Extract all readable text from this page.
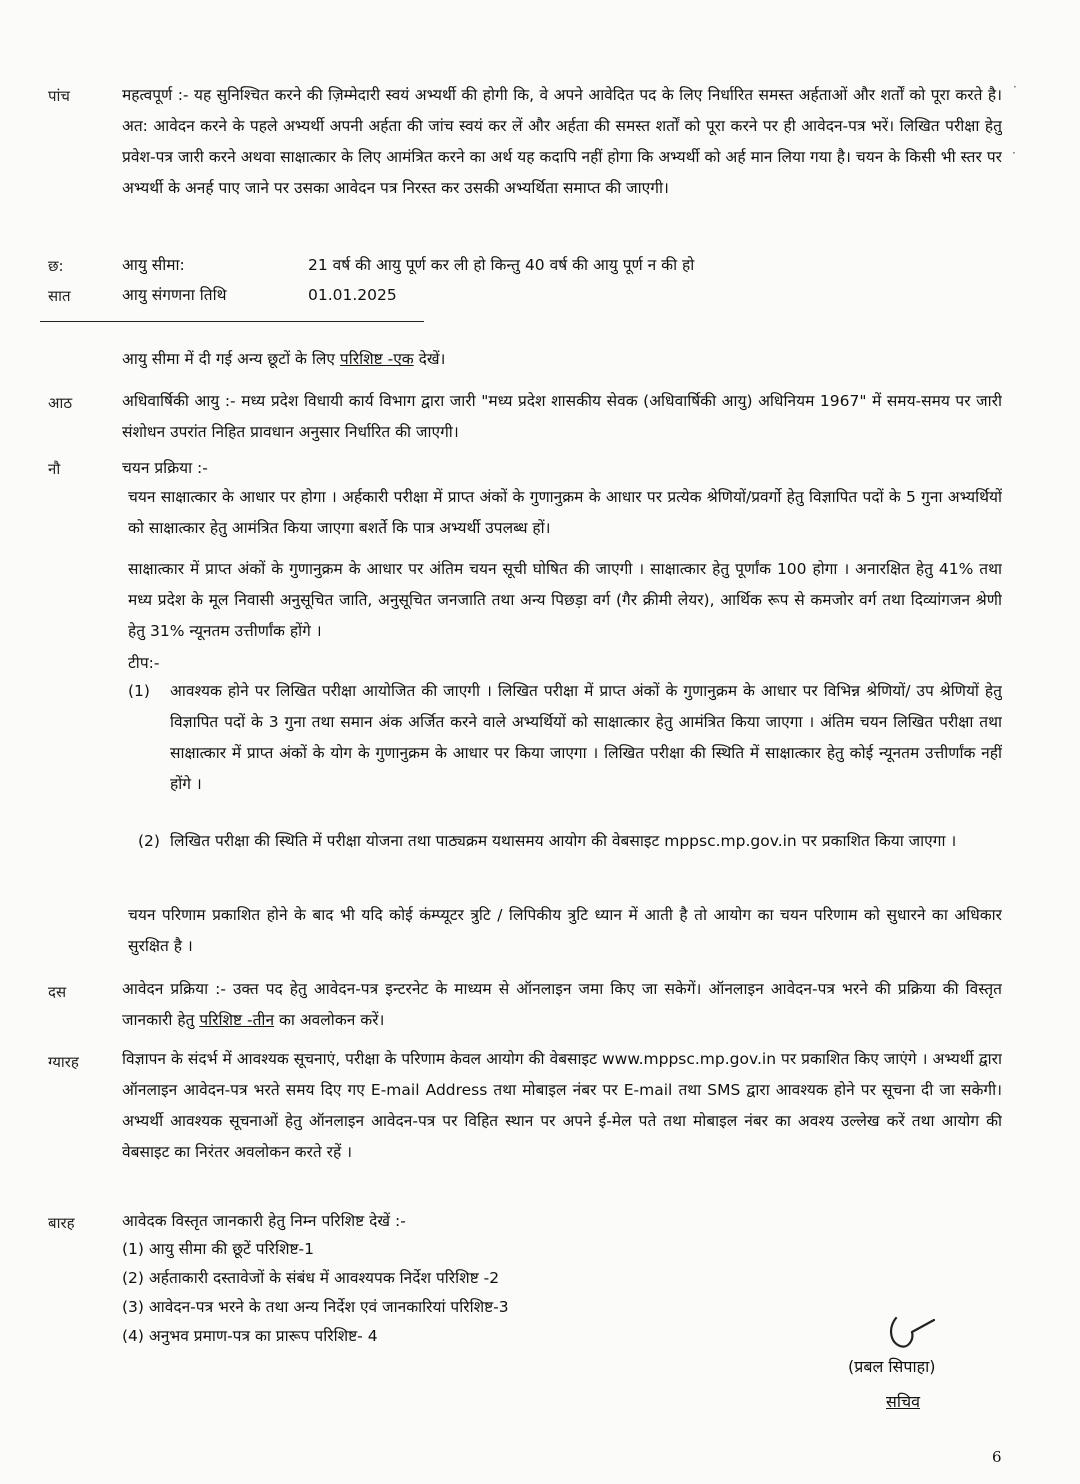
पांच	महत्वपूर्ण :- यह सुनिश्चित करने की ज़िम्मेदारी स्वयं अभ्यर्थी की होगी कि, वे अपने आवेदित पद के लिए निर्धारित समस्त अर्हताओं और शर्तों को पूरा करते है। अत: आवेदन करने के पहले अभ्यर्थी अपनी अर्हता की जांच स्वयं कर लें और अर्हता की समस्त शर्तों को पूरा करने पर ही आवेदन-पत्र भरें। लिखित परीक्षा हेतु प्रवेश-पत्र जारी करने अथवा साक्षात्कार के लिए आमंत्रित करने का अर्थ यह कदापि नहीं होगा कि अभ्यर्थी को अर्ह मान लिया गया है। चयन के किसी भी स्तर पर अभ्यर्थी के अनर्ह पाए जाने पर उसका आवेदन पत्र निरस्त कर उसकी अभ्यर्थिता समाप्त की जाएगी।
छ:	आयु सीमा:	21 वर्ष की आयु पूर्ण कर ली हो किन्तु 40 वर्ष की आयु पूर्ण न की हो
सात	आयु संगणना तिथि	01.01.2025
आयु सीमा में दी गई अन्य छूटों के लिए परिशिष्ट -एक देखें।
आठ	अधिवार्षिकी आयु :- मध्य प्रदेश विधायी कार्य विभाग द्वारा जारी "मध्य प्रदेश शासकीय सेवक (अधिवार्षिकी आयु) अधिनियम 1967" में समय-समय पर जारी संशोधन उपरांत निहित प्रावधान अनुसार निर्धारित की जाएगी।
नौ	चयन प्रक्रिया :-
चयन साक्षात्कार के आधार पर होगा । अर्हकारी परीक्षा में प्राप्त अंकों के गुणानुक्रम के आधार पर प्रत्येक श्रेणियों/प्रवर्गो हेतु विज्ञापित पदों के 5 गुना अभ्यर्थियों को साक्षात्कार हेतु आमंत्रित किया जाएगा बशर्ते कि पात्र अभ्यर्थी उपलब्ध हों।
साक्षात्कार में प्राप्त अंकों के गुणानुक्रम के आधार पर अंतिम चयन सूची घोषित की जाएगी । साक्षात्कार हेतु पूर्णांक 100 होगा । अनारक्षित हेतु 41% तथा मध्य प्रदेश के मूल निवासी अनुसूचित जाति, अनुसूचित जनजाति तथा अन्य पिछड़ा वर्ग (गैर क्रीमी लेयर), आर्थिक रूप से कमजोर वर्ग तथा दिव्यांगजन श्रेणी हेतु 31% न्यूनतम उत्तीर्णांक होंगे ।
टीप:-
(1) आवश्यक होने पर लिखित परीक्षा आयोजित की जाएगी । लिखित परीक्षा में प्राप्त अंकों के गुणानुक्रम के आधार पर विभिन्न श्रेणियों/ उप श्रेणियों हेतु विज्ञापित पदों के 3 गुना तथा समान अंक अर्जित करने वाले अभ्यर्थियों को साक्षात्कार हेतु आमंत्रित किया जाएगा । अंतिम चयन लिखित परीक्षा तथा साक्षात्कार में प्राप्त अंकों के योग के गुणानुक्रम के आधार पर किया जाएगा । लिखित परीक्षा की स्थिति में साक्षात्कार हेतु कोई न्यूनतम उत्तीर्णांक नहीं होंगे ।
(2) लिखित परीक्षा की स्थिति में परीक्षा योजना तथा पाठ्यक्रम यथासमय आयोग की वेबसाइट mppsc.mp.gov.in पर प्रकाशित किया जाएगा ।
चयन परिणाम प्रकाशित होने के बाद भी यदि कोई कंम्प्यूटर त्रुटि / लिपिकीय त्रुटि ध्यान में आती है तो आयोग का चयन परिणाम को सुधारने का अधिकार सुरक्षित है ।
दस	आवेदन प्रक्रिया :- उक्त पद हेतु आवेदन-पत्र इन्टरनेट के माध्यम से ऑनलाइन जमा किए जा सकेगें। ऑनलाइन आवेदन-पत्र भरने की प्रक्रिया की विस्तृत जानकारी हेतु परिशिष्ट -तीन का अवलोकन करें।
ग्यारह	विज्ञापन के संदर्भ में आवश्यक सूचनाएं, परीक्षा के परिणाम केवल आयोग की वेबसाइट www.mppsc.mp.gov.in पर प्रकाशित किए जाएंगे । अभ्यर्थी द्वारा ऑनलाइन आवेदन-पत्र भरते समय दिए गए E-mail Address तथा मोबाइल नंबर पर E-mail तथा SMS द्वारा आवश्यक होने पर सूचना दी जा सकेगी। अभ्यर्थी आवश्यक सूचनाओं हेतु ऑनलाइन आवेदन-पत्र पर विहित स्थान पर अपने ई-मेल पते तथा मोबाइल नंबर का अवश्य उल्लेख करें तथा आयोग की वेबसाइट का निरंतर अवलोकन करते रहें ।
बारह	आवेदक विस्तृत जानकारी हेतु निम्न परिशिष्ट देखें :-
(1) आयु सीमा की छूटें परिशिष्ट-1
(2) अर्हताकारी दस्तावेजों के संबंध में आवश्यपक निर्देश परिशिष्ट -2
(3) आवेदन-पत्र भरने के तथा अन्य निर्देश एवं जानकारियां परिशिष्ट-3
(4) अनुभव प्रमाण-पत्र का प्रारूप परिशिष्ट- 4
(प्रबल सिपाहा)
सचिव
6
·
·
